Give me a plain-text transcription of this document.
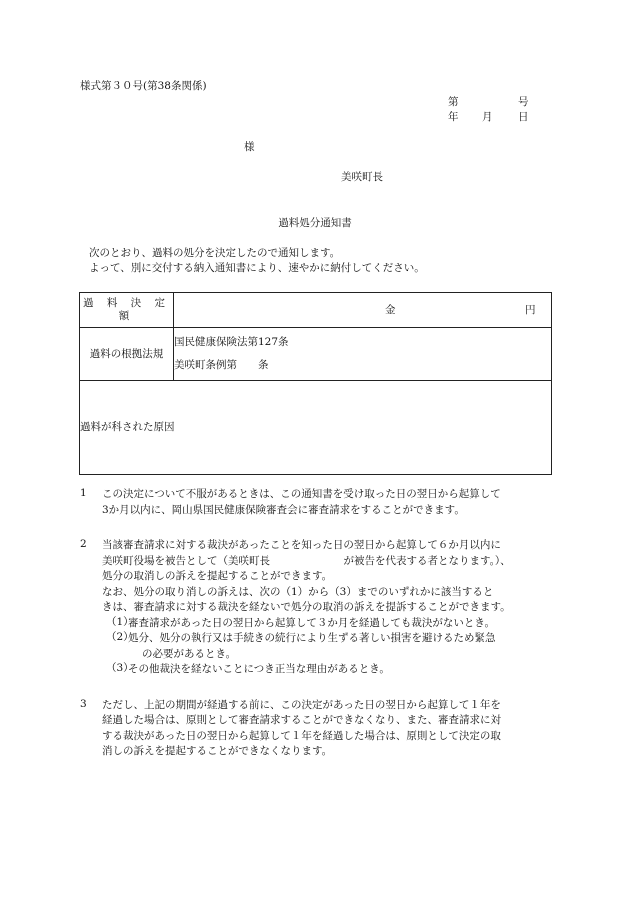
様式第３０号(第38条関係)
第	号
年 月 日
様
美咲町長
過料処分通知書
次のとおり、過料の処分を決定したので通知します。
よって、別に交付する納入通知書により、速やかに納付してください。
過 料 決 定 額	金 円

過料の根拠法規	国民健康保険法第127条
美咲町条例第　　条

過料が科された原因	
1 この決定について不服があるときは、この通知書を受け取った日の翌日から起算して
3か月以内に、岡山県国民健康保険審査会に審査請求をすることができます。
2 当該審査請求に対する裁決があったことを知った日の翌日から起算して６か月以内に
美咲町役場を被告として（美咲町長　　　　　　　が被告を代表する者となります。）、
処分の取消しの訴えを提起することができます。
なお、処分の取り消しの訴えは、次の（1）から（3）までのいずれかに該当すると
きは、審査請求に対する裁決を経ないで処分の取消の訴えを提訴することができます。
（1）
審査請求があった日の翌日から起算して３か月を経過しても裁決がないとき。
（2）
処分、処分の執行又は手続きの続行により生ずる著しい損害を避けるため緊急
の必要があるとき。
（3）
その他裁決を経ないことにつき正当な理由があるとき。
3 ただし、上記の期間が経過する前に、この決定があった日の翌日から起算して１年を
経過した場合は、原則として審査請求することができなくなり、また、審査請求に対
する裁決があった日の翌日から起算して１年を経過した場合は、原則として決定の取
消しの訴えを提起することができなくなります。
